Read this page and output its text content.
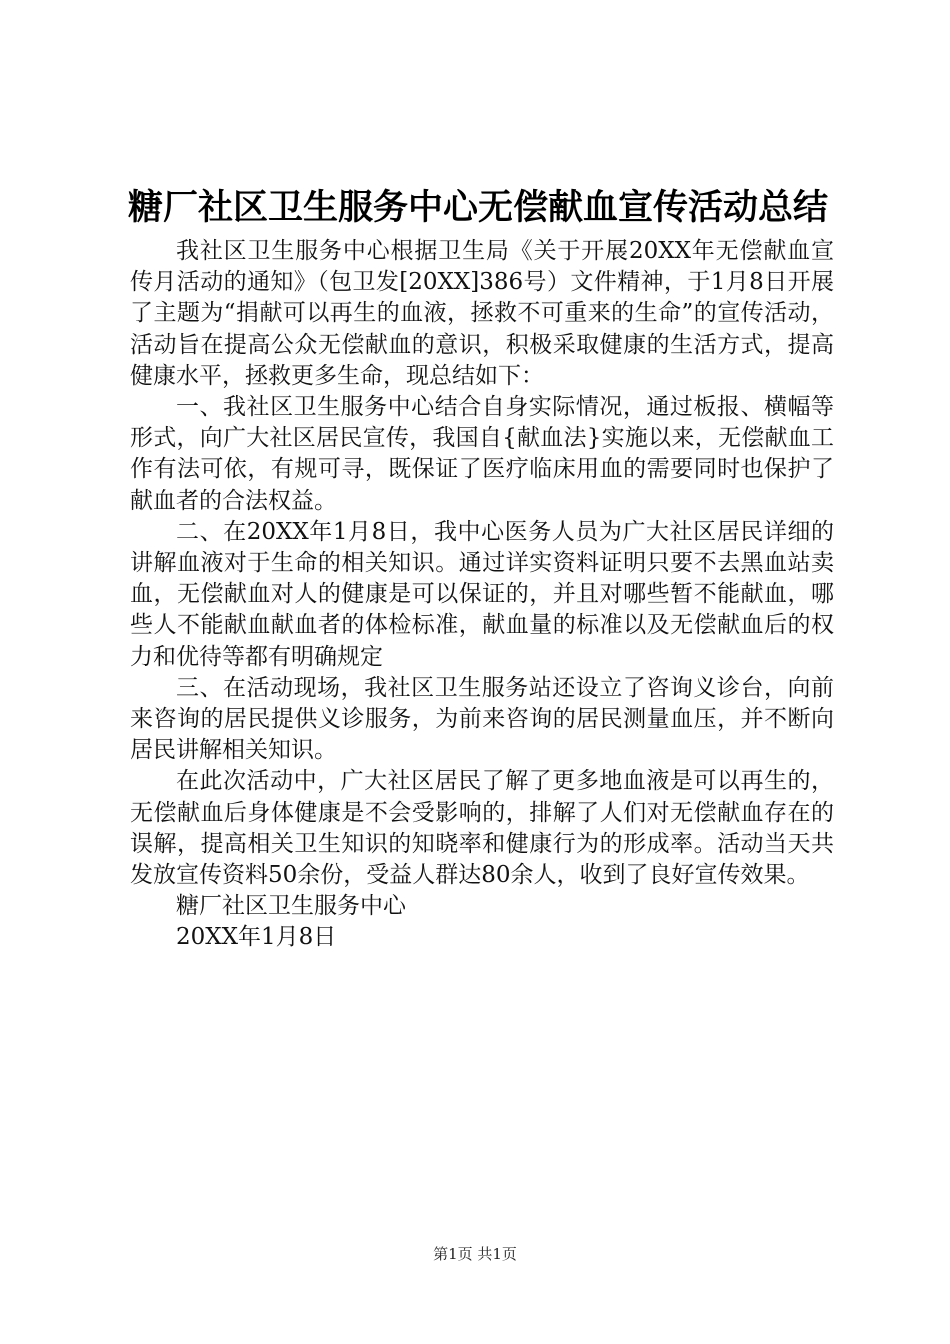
糖厂社区卫生服务中心无偿献血宣传活动总结

我社区卫生服务中心根据卫生局《关于开展20XX年无偿献血宣传月活动的通知》（包卫发[20XX]386号）文件精神，于1月8日开展了主题为“捐献可以再生的血液，拯救不可重来的生命”的宣传活动，活动旨在提高公众无偿献血的意识，积极采取健康的生活方式，提高健康水平，拯救更多生命，现总结如下：

一、我社区卫生服务中心结合自身实际情况，通过板报、横幅等形式，向广大社区居民宣传，我国自{献血法}实施以来，无偿献血工作有法可依，有规可寻，既保证了医疗临床用血的需要同时也保护了献血者的合法权益。

二、在20XX年1月8日，我中心医务人员为广大社区居民详细的讲解血液对于生命的相关知识。通过详实资料证明只要不去黑血站卖血，无偿献血对人的健康是可以保证的，并且对哪些暂不能献血，哪些人不能献血献血者的体检标准，献血量的标准以及无偿献血后的权力和优待等都有明确规定

三、在活动现场，我社区卫生服务站还设立了咨询义诊台，向前来咨询的居民提供义诊服务，为前来咨询的居民测量血压，并不断向居民讲解相关知识。

在此次活动中，广大社区居民了解了更多地血液是可以再生的，无偿献血后身体健康是不会受影响的，排解了人们对无偿献血存在的误解，提高相关卫生知识的知晓率和健康行为的形成率。活动当天共发放宣传资料50余份，受益人群达80余人，收到了良好宣传效果。

糖厂社区卫生服务中心

20XX年1月8日

第1页 共1页
